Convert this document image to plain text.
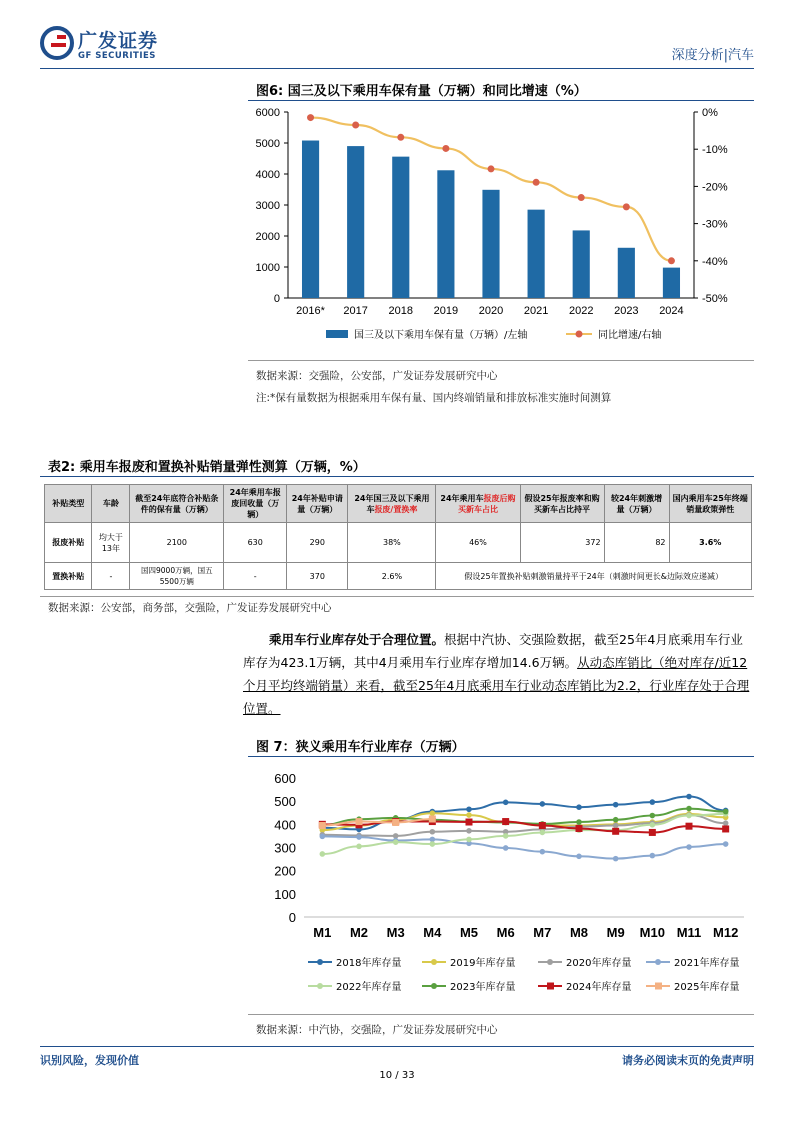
广发证券
GF SECURITIES	深度分析|汽车
图6: 国三及以下乘用车保有量（万辆）和同比增速（%）
0
1000
2000
3000
4000
5000
6000	0%
-10%
-20%
-30%
-40%
-50%
2016* 2017 2018 2019 2020 2021 2022 2023 2024
国三及以下乘用车保有量（万辆）/左轴	同比增速/右轴
数据来源：交强险，公安部，广发证券发展研究中心
注:*保有量数据为根据乘用车保有量、国内终端销量和排放标准实施时间测算
表2: 乘用车报废和置换补贴销量弹性测算（万辆，%）
补贴类型	车龄	截至24年底符合补贴条件的保有量（万辆）	24年乘用车报废回收量（万辆）	24年补贴申请量（万辆）	24年国三及以下乘用车报废/置换率	24年乘用车报废后购买新车占比	假设25年报废率和购买新车占比持平	较24年刺激增量（万辆）	国内乘用车25年终端销量政策弹性
报废补贴	均大于13年	2100	630	290	38%	46%	372	82	3.6%
置换补贴	-	国四9000万辆，国五5500万辆	-	370	2.6%	假设25年置换补贴刺激销量持平于24年（刺激时间更长&边际效应递减）			
数据来源：公安部，商务部，交强险，广发证券发展研究中心
乘用车行业库存处于合理位置。根据中汽协、交强险数据，截至25年4月底乘用车行业库存为423.1万辆，其中4月乘用车行业库存增加14.6万辆。从动态库销比（绝对库存/近12个月平均终端销量）来看，截至25年4月底乘用车行业动态库销比为2.2，行业库存处于合理位置。
图 7：狭义乘用车行业库存（万辆）
0
100
200
300
400
500
600
M1 M2 M3 M4 M5 M6 M7 M8 M9 M10 M11 M12
2018年库存量	2019年库存量	2020年库存量	2021年库存量
2022年库存量	2023年库存量	2024年库存量	2025年库存量
数据来源：中汽协，交强险，广发证券发展研究中心
识别风险，发现价值	请务必阅读末页的免责声明
10 / 33
